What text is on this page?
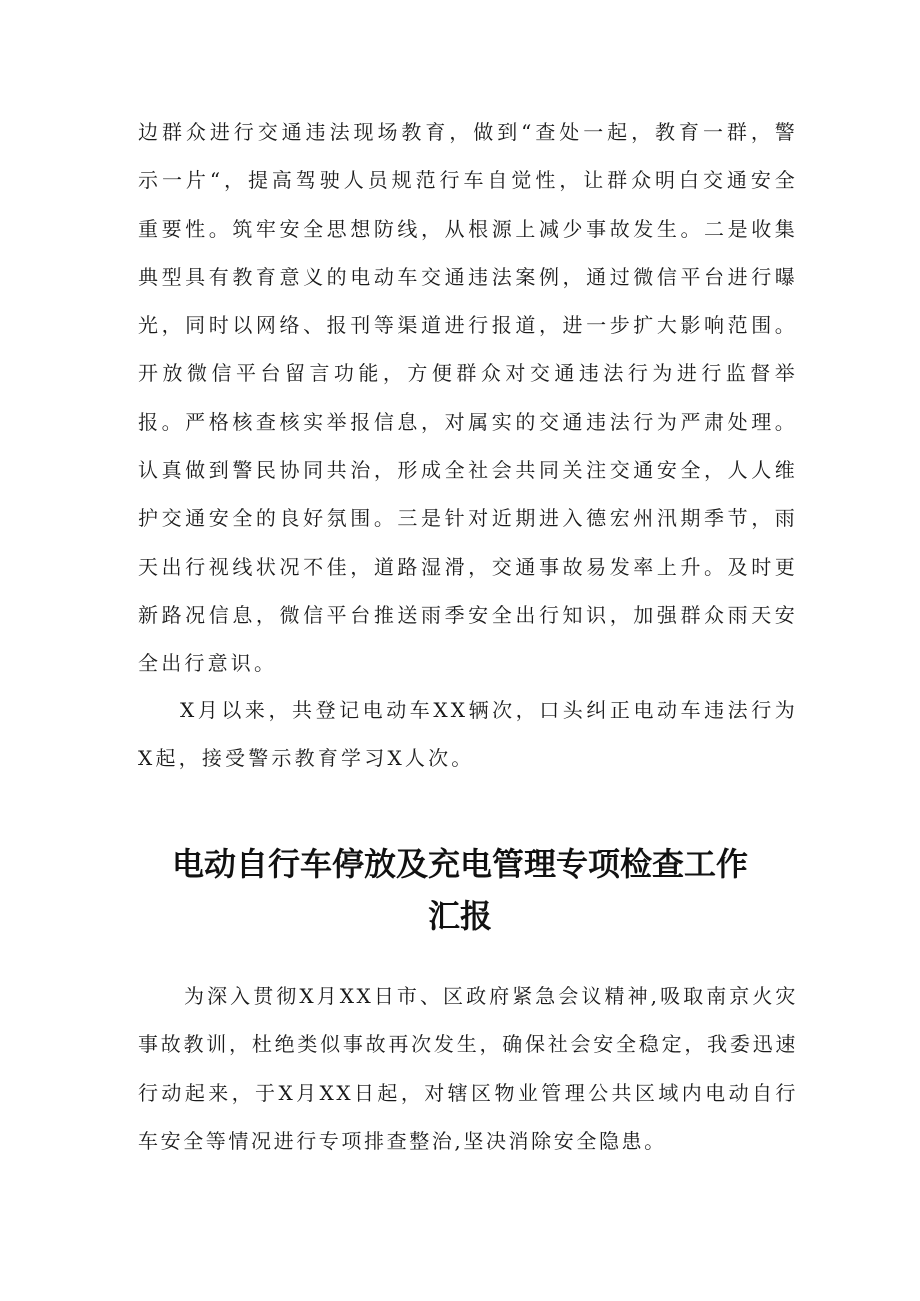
边群众进行交通违法现场教育，做到“查处一起，教育一群，警示一片“，提高驾驶人员规范行车自觉性，让群众明白交通安全重要性。筑牢安全思想防线，从根源上减少事故发生。二是收集典型具有教育意义的电动车交通违法案例，通过微信平台进行曝光，同时以网络、报刊等渠道进行报道，进一步扩大影响范围。开放微信平台留言功能，方便群众对交通违法行为进行监督举报。严格核查核实举报信息，对属实的交通违法行为严肃处理。认真做到警民协同共治，形成全社会共同关注交通安全，人人维护交通安全的良好氛围。三是针对近期进入德宏州汛期季节，雨天出行视线状况不佳，道路湿滑，交通事故易发率上升。及时更新路况信息，微信平台推送雨季安全出行知识，加强群众雨天安全出行意识。

X月以来，共登记电动车XX辆次，口头纠正电动车违法行为X起，接受警示教育学习X人次。

电动自行车停放及充电管理专项检查工作
汇报

为深入贯彻X月XX日市、区政府紧急会议精神,吸取南京火灾事故教训，杜绝类似事故再次发生，确保社会安全稳定，我委迅速行动起来，于X月XX日起，对辖区物业管理公共区域内电动自行车安全等情况进行专项排查整治,坚决消除安全隐患。
